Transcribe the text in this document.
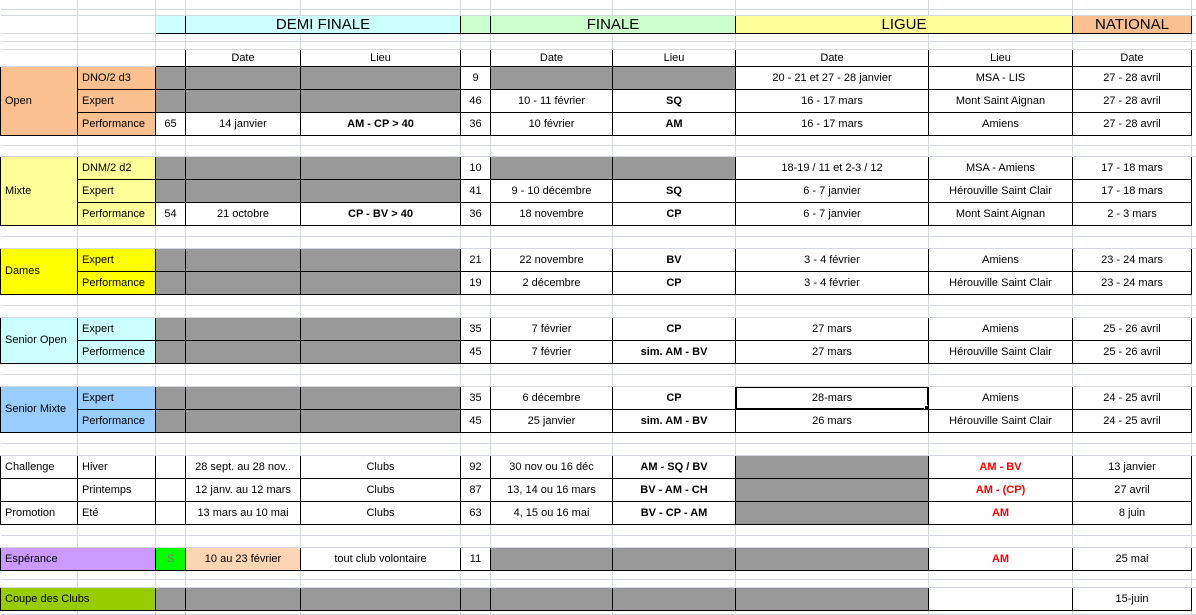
			DEMI FINALE			FINALE		LIGUE		NATIONAL	

			Date	Lieu		Date	Lieu	Date	Lieu	Date	
Open	DNO/2 d3				9			20 - 21 et 27 - 28 janvier	MSA - LIS	27 - 28 avril	
	Expert				46	10 - 11 février	SQ	16 - 17 mars	Mont Saint Aignan	27 - 28 avril	
	Performance	65	14 janvier	AM - CP > 40	36	10 février	AM	16 - 17 mars	Amiens	27 - 28 avril	

Mixte	DNM/2 d2				10			18-19 / 11 et 2-3 / 12	MSA - Amiens	17 - 18 mars	
	Expert				41	9 - 10 décembre	SQ	6 - 7 janvier	Hérouville Saint Clair	17 - 18 mars	
	Performance	54	21 octobre	CP - BV > 40	36	18 novembre	CP	6 - 7 janvier	Mont Saint Aignan	2 - 3 mars	

Dames	Expert				21	22 novembre	BV	3 - 4 février	Amiens	23 - 24 mars	
	Performance				19	2 décembre	CP	3 - 4 février	Hérouville Saint Clair	23 - 24 mars	

Senior Open	Expert				35	7 février	CP	27 mars	Amiens	25 - 26 avril	
	Performence				45	7 février	sim. AM - BV	27 mars	Hérouville Saint Clair	25 - 26 avril	

Senior Mixte	Expert				35	6 décembre	CP	28-mars	Amiens	24 - 25 avril	
	Performance				45	25 janvier	sim. AM - BV	26 mars	Hérouville Saint Clair	24 - 25 avril	

Challenge	Hiver		28 sept. au 28 nov..	Clubs	92	30 nov ou 16 déc	AM - SQ / BV		AM - BV	13 janvier	
	Printemps		12 janv. au 12 mars	Clubs	87	13, 14 ou 16 mars	BV - AM - CH		AM - (CP)	27 avril	
Promotion	Eté		13 mars au 10 mai	Clubs	63	4, 15 ou 16 mai	BV - CP - AM		AM	8 juin	

Espérance		S	10 au 23 février	tout club volontaire	11				AM	25 mai	

Coupe des Clubs										15-juin	
